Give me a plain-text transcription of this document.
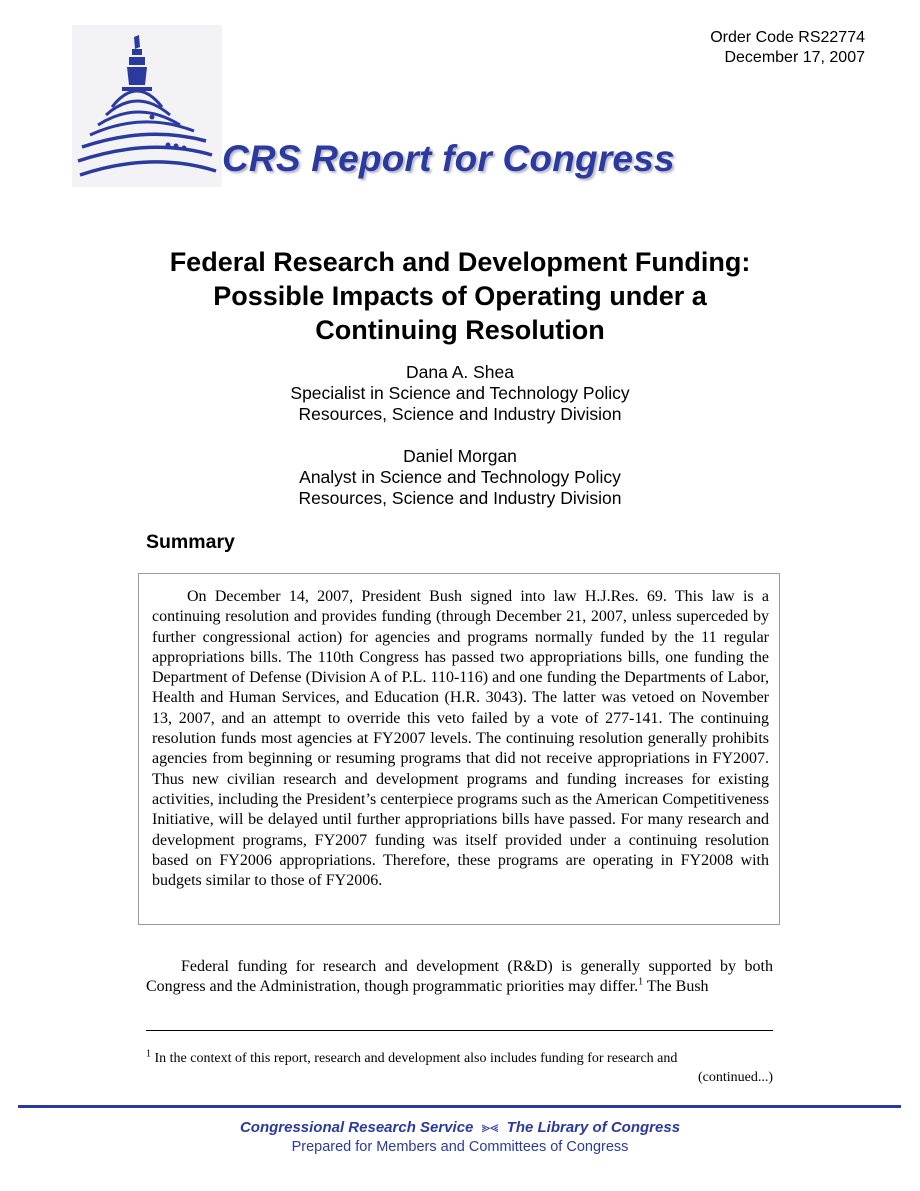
Order Code RS22774
December 17, 2007
CRS Report for Congress
Federal Research and Development Funding:
Possible Impacts of Operating under a
Continuing Resolution
Dana A. Shea
Specialist in Science and Technology Policy
Resources, Science and Industry Division
Daniel Morgan
Analyst in Science and Technology Policy
Resources, Science and Industry Division
Summary

On December 14, 2007, President Bush signed into law H.J.Res. 69. This law is a continuing resolution and provides funding (through December 21, 2007, unless superceded by further congressional action) for agencies and programs normally funded by the 11 regular appropriations bills. The 110th Congress has passed two appropriations bills, one funding the Department of Defense (Division A of P.L. 110-116) and one funding the Departments of Labor, Health and Human Services, and Education (H.R. 3043). The latter was vetoed on November 13, 2007, and an attempt to override this veto failed by a vote of 277-141. The continuing resolution funds most agencies at FY2007 levels. The continuing resolution generally prohibits agencies from beginning or resuming programs that did not receive appropriations in FY2007. Thus new civilian research and development programs and funding increases for existing activities, including the President’s centerpiece programs such as the American Competitiveness Initiative, will be delayed until further appropriations bills have passed. For many research and development programs, FY2007 funding was itself provided under a continuing resolution based on FY2006 appropriations. Therefore, these programs are operating in FY2008 with budgets similar to those of FY2006.

Federal funding for research and development (R&D) is generally supported by both Congress and the Administration, though programmatic priorities may differ.$^1$ The Bush

$^1$ In the context of this report, research and development also includes funding for research and
(continued...)
Congressional Research Service ⪢⪡ The Library of Congress
Prepared for Members and Committees of Congress
